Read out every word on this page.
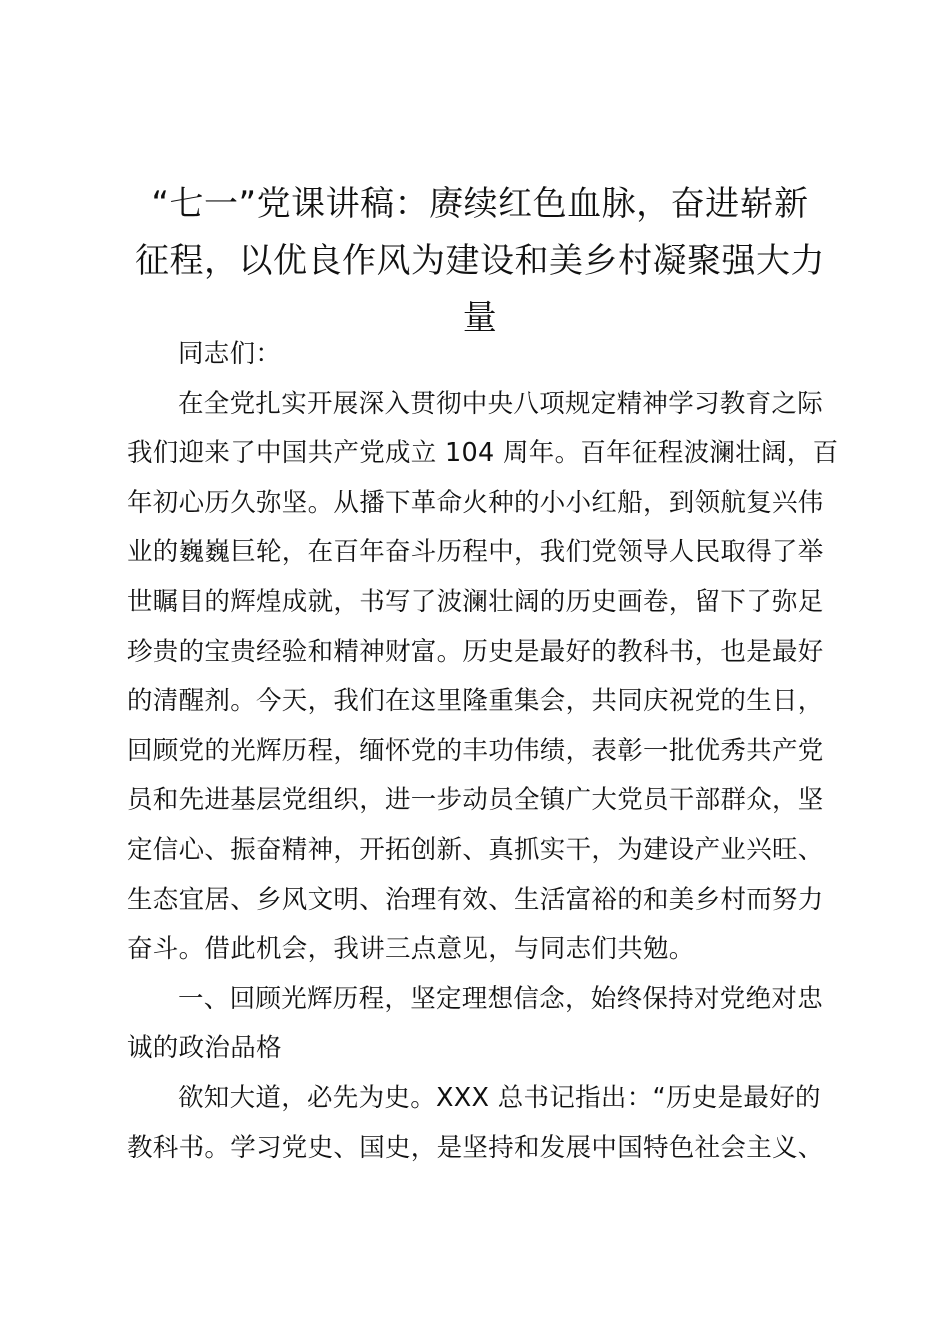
“七一”党课讲稿：赓续红色血脉，奋进崭新
征程，以优良作风为建设和美乡村凝聚强大力
量

同志们：

在全党扎实开展深入贯彻中央八项规定精神学习教育之际
我们迎来了中国共产党成立 104 周年。百年征程波澜壮阔，百
年初心历久弥坚。从播下革命火种的小小红船，到领航复兴伟
业的巍巍巨轮，在百年奋斗历程中，我们党领导人民取得了举
世瞩目的辉煌成就，书写了波澜壮阔的历史画卷，留下了弥足
珍贵的宝贵经验和精神财富。历史是最好的教科书，也是最好
的清醒剂。今天，我们在这里隆重集会，共同庆祝党的生日，
回顾党的光辉历程，缅怀党的丰功伟绩，表彰一批优秀共产党
员和先进基层党组织，进一步动员全镇广大党员干部群众，坚
定信心、振奋精神，开拓创新、真抓实干，为建设产业兴旺、
生态宜居、乡风文明、治理有效、生活富裕的和美乡村而努力
奋斗。借此机会，我讲三点意见，与同志们共勉。

一、回顾光辉历程，坚定理想信念，始终保持对党绝对忠
诚的政治品格

欲知大道，必先为史。XXX 总书记指出：“历史是最好的
教科书。学习党史、国史，是坚持和发展中国特色社会主义、
